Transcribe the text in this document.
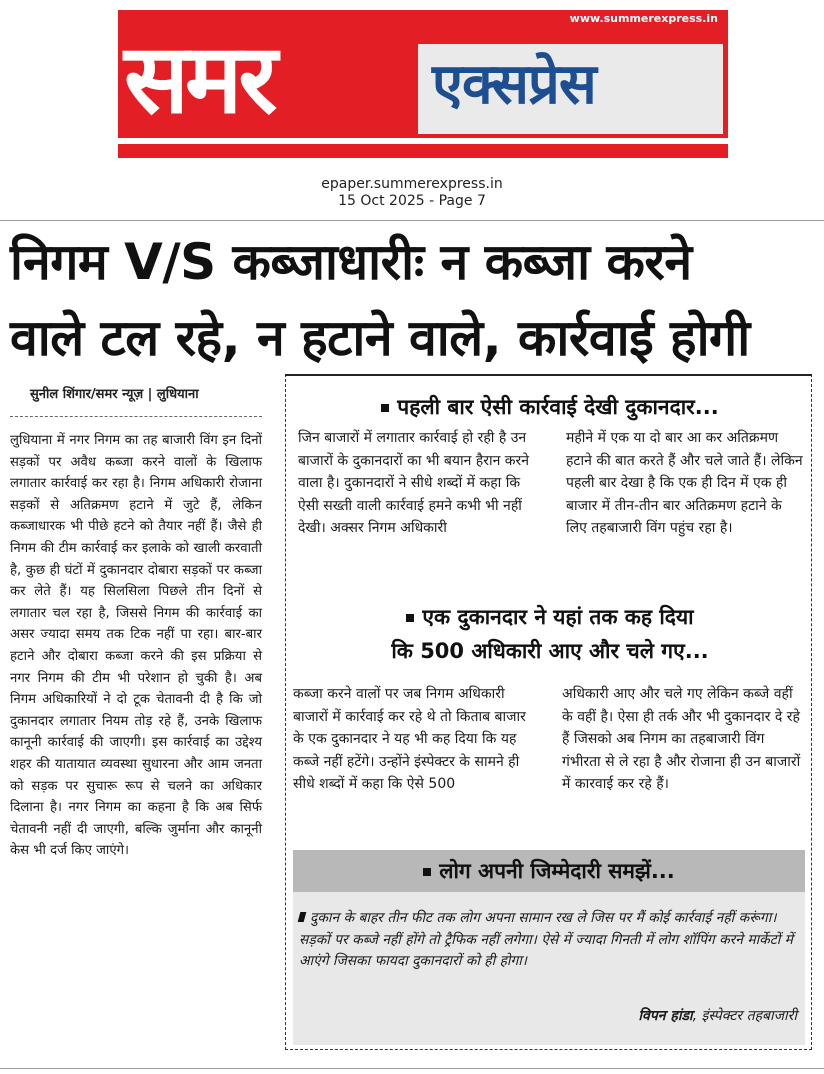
www.summerexpress.in
समर	एक्सप्रेस
epaper.summerexpress.in
15 Oct 2025 - Page 7
निगम V/S कब्जाधारीः न कब्जा करने
वाले टल रहे, न हटाने वाले, कार्रवाई होगी
सुनील शिंगार/समर न्यूज़ | लुधियाना

लुधियाना में नगर निगम का तह बाजारी विंग इन दिनों सड़कों पर अवैध कब्जा करने वालों के खिलाफ लगातार कार्रवाई कर रहा है। निगम अधिकारी रोजाना सड़कों से अतिक्रमण हटाने में जुटे हैं, लेकिन कब्जाधारक भी पीछे हटने को तैयार नहीं हैं। जैसे ही निगम की टीम कार्रवाई कर इलाके को खाली करवाती है, कुछ ही घंटों में दुकानदार दोबारा सड़कों पर कब्जा कर लेते हैं। यह सिलसिला पिछले तीन दिनों से लगातार चल रहा है, जिससे निगम की कार्रवाई का असर ज्यादा समय तक टिक नहीं पा रहा। बार-बार हटाने और दोबारा कब्जा करने की इस प्रक्रिया से नगर निगम की टीम भी परेशान हो चुकी है। अब निगम अधिकारियों ने दो टूक चेतावनी दी है कि जो दुकानदार लगातार नियम तोड़ रहे हैं, उनके खिलाफ कानूनी कार्रवाई की जाएगी। इस कार्रवाई का उद्देश्य शहर की यातायात व्यवस्था सुधारना और आम जनता को सड़क पर सुचारू रूप से चलने का अधिकार दिलाना है। नगर निगम का कहना है कि अब सिर्फ चेतावनी नहीं दी जाएगी, बल्कि जुर्माना और कानूनी केस भी दर्ज किए जाएंगे।

पहली बार ऐसी कार्रवाई देखी दुकानदार...

जिन बाजारों में लगातार कार्रवाई हो रही है उन बाजारों के दुकानदारों का भी बयान हैरान करने वाला है। दुकानदारों ने सीधे शब्दों में कहा कि ऐसी सख्ती वाली कार्रवाई हमने कभी भी नहीं देखी। अक्सर निगम अधिकारी

महीने में एक या दो बार आ कर अतिक्रमण हटाने की बात करते हैं और चले जाते हैं। लेकिन पहली बार देखा है कि एक ही दिन में एक ही बाजार में तीन-तीन बार अतिक्रमण हटाने के लिए तहबाजारी विंग पहुंच रहा है।

एक दुकानदार ने यहां तक कह दिया
कि 500 अधिकारी आए और चले गए...

कब्जा करने वालों पर जब निगम अधिकारी बाजारों में कार्रवाई कर रहे थे तो किताब बाजार के एक दुकानदार ने यह भी कह दिया कि यह कब्जे नहीं हटेंगे। उन्होंने इंस्पेक्टर के सामने ही सीधे शब्दों में कहा कि ऐसे 500

अधिकारी आए और चले गए लेकिन कब्जे वहीं के वहीं है। ऐसा ही तर्क और भी दुकानदार दे रहे हैं जिसको अब निगम का तहबाजारी विंग गंभीरता से ले रहा है और रोजाना ही उन बाजारों में कारवाई कर रहे हैं।

लोग अपनी जिम्मेदारी समझें...
दुकान के बाहर तीन फीट तक लोग अपना सामान रख ले जिस पर मैं कोई कार्रवाई नहीं करूंगा। सड़कों पर कब्जे नहीं होंगे तो ट्रैफिक नहीं लगेगा। ऐसे में ज्यादा गिनती में लोग शॉपिंग करने मार्केटों में आएंगे जिसका फायदा दुकानदारों को ही होगा।
विपन हांडा, इंस्पेक्टर तहबाजारी
